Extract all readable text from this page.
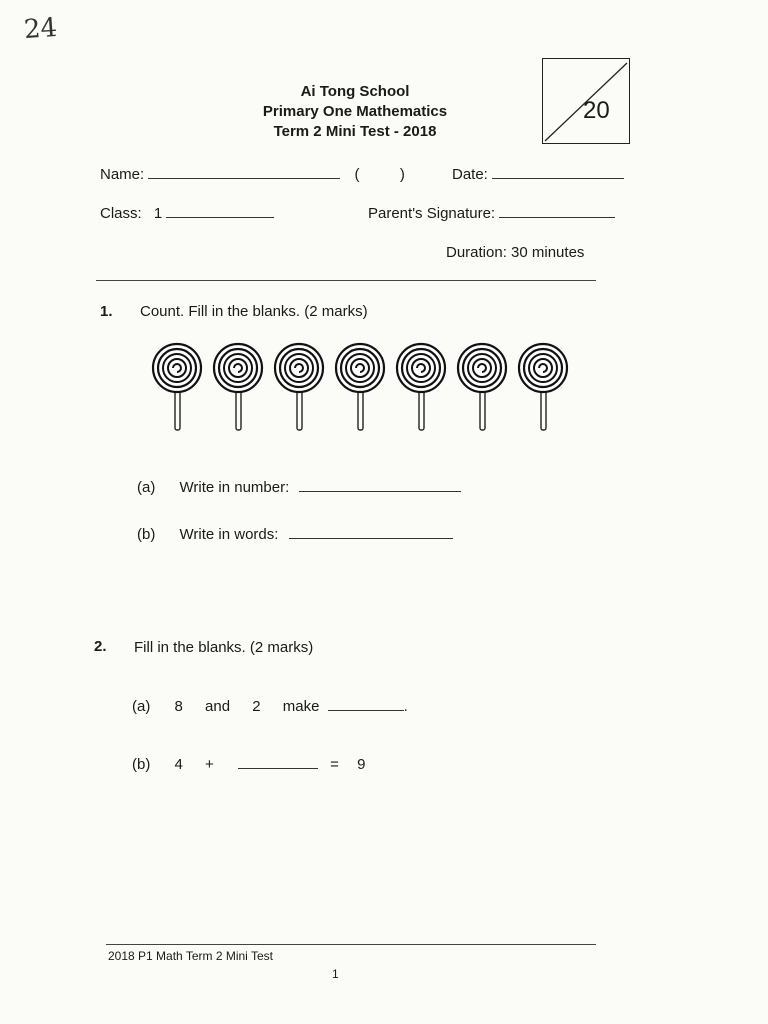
24
Ai Tong School
Primary One Mathematics
Term 2 Mini Test - 2018
20
Name:	(	)	Date:
Class: 1	Parent's Signature:
Duration: 30 minutes
1. Count. Fill in the blanks. (2 marks)
(a) Write in number:
(b) Write in words:
2. Fill in the blanks. (2 marks)
(a) 8 and 2 make	.
(b) 4 +	= 9
2018 P1 Math Term 2 Mini Test
1
